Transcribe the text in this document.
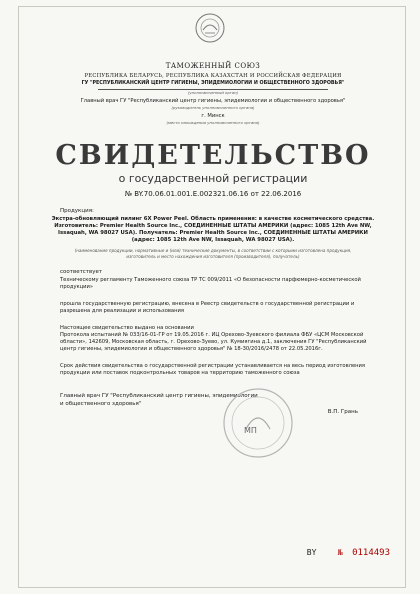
ТАМОЖЕННЫЙ СОЮЗ
РЕСПУБЛИКА БЕЛАРУСЬ, РЕСПУБЛИКА КАЗАХСТАН И РОССИЙСКАЯ ФЕДЕРАЦИЯ
ГУ "РЕСПУБЛИКАНСКИЙ ЦЕНТР ГИГИЕНЫ, ЭПИДЕМИОЛОГИИ И ОБЩЕСТВЕННОГО ЗДОРОВЬЯ"
(уполномоченный орган)
Главный врач ГУ "Республиканский центр гигиены, эпидемиологии и общественного здоровья"
(руководитель уполномоченного органа)
г. Минск
(место нахождения уполномоченного органа)
СВИДЕТЕЛЬСТВО
о государственной регистрации
№ BY.70.06.01.001.Е.002321.06.16 от 22.06.2016
Продукция:
Экстра-обновляющий пилинг 6X Power Peel. Область применения: в качестве косметического средства. Изготовитель: Premier Health Source Inc., СОЕДИНЕННЫЕ ШТАТЫ АМЕРИКИ (адрес: 1085 12th Ave NW, Issaquah, WA 98027 USA). Получатель: Premier Health Source Inc., СОЕДИНЕННЫЕ ШТАТЫ АМЕРИКИ (адрес: 1085 12th Ave NW, Issaquah, WA 98027 USA).
(наименование продукции, нормативные и (или) технические документы, в соответствии с которыми изготовлена продукция, изготовитель и место нахождения изготовителя (производителя), получатель)
соответствует
Техническому регламенту Таможенного союза ТР ТС 009/2011 «О безопасности парфюмерно-косметической продукции»
прошла государственную регистрацию, внесена в Реестр свидетельств о государственной регистрации и разрешена для реализации и использования
Настоящее свидетельство выдано на основании
Протокола испытаний № 033/16-01-ГР от 19.05.2016 г. ИЦ Орехово-Зуевского филиала ФБУ «ЦСМ Московской области», 142609, Московская область, г. Орехово-Зуево, ул. Кумиягина д.1, заключения ГУ "Республиканский центр гигиены, эпидемиологии и общественного здоровья" № 18-30/2016/2478 от 22.05.2016г.
Срок действия свидетельства о государственной регистрации устанавливается на весь период изготовления продукции или поставок подконтрольных товаров на территорию таможенного союза
Главный врач ГУ "Республиканский центр гигиены, эпидемиологии и общественного здоровья"
В.П. Грань
МП
BY	№ 0114493
